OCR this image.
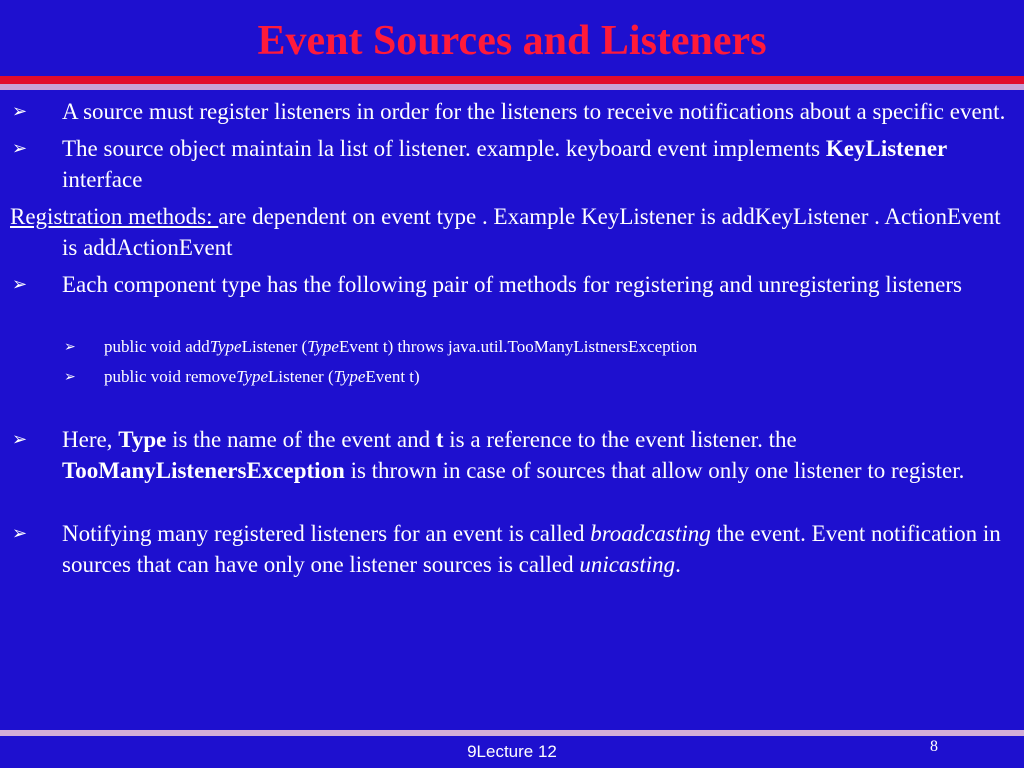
Event Sources and Listeners

➢ A source must register listeners in order for the listeners to receive notifications about a specific event.

➢ The source object maintain la list of listener. example. keyboard event implements KeyListener interface

Registration methods: are dependent on event type . Example KeyListener is addKeyListener . ActionEvent is addActionEvent

➢ Each component type has the following pair of methods for registering and unregistering listeners

➢ public void addTypeListener (TypeEvent t) throws java.util.TooManyListnersException

➢ public void removeTypeListener (TypeEvent t)

➢ Here, Type is the name of the event and t is a reference to the event listener. the TooManyListenersException is thrown in case of sources that allow only one listener to register.

➢ Notifying many registered listeners for an event is called broadcasting the event. Event notification in sources that can have only one listener sources is called unicasting.

9Lecture 12	8
